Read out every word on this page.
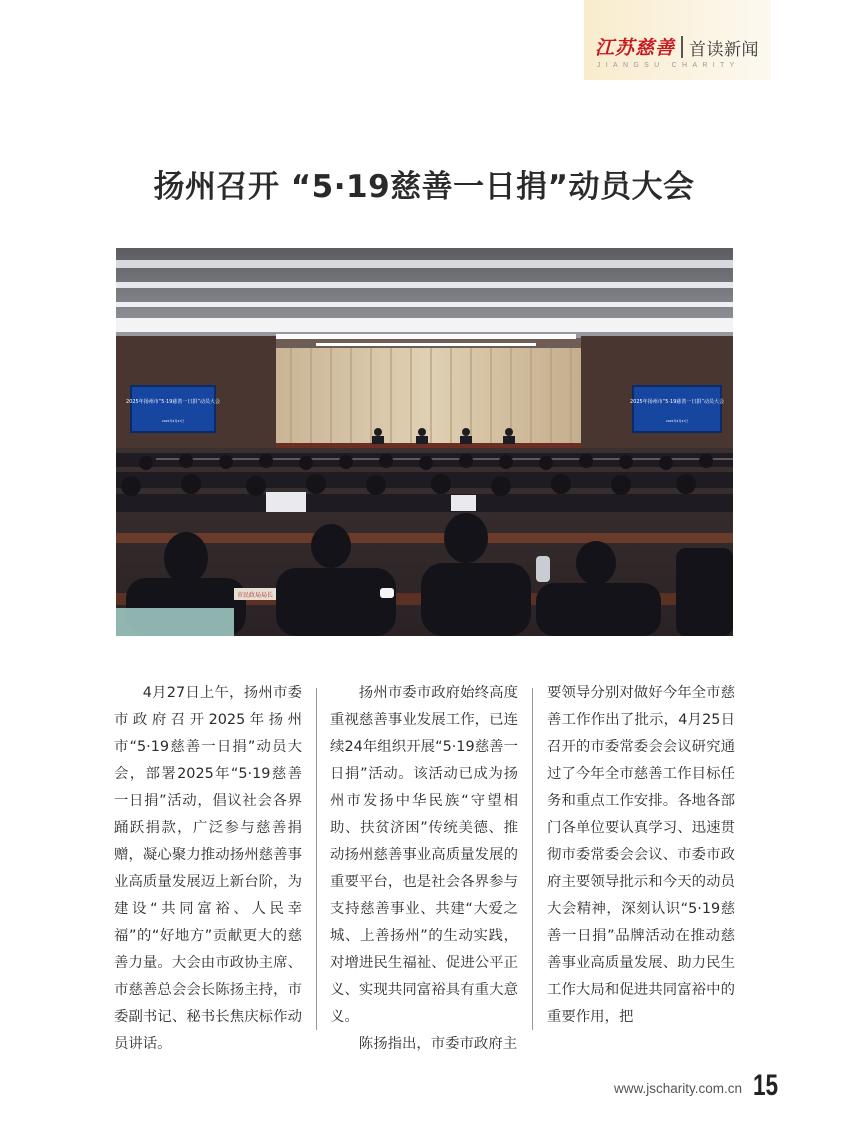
江苏慈善 首读新闻
JIANGSU CHARITY
扬州召开 “5·19慈善一日捐”动员大会
2025年扬州市“5·19慈善一日捐”动员大会
2025年4月27日
2025年扬州市“5·19慈善一日捐”动员大会
2025年4月27日
市民政局局长

4月27日上午，扬州市委市政府召开2025年扬州市“5·19慈善一日捐”动员大会，部署2025年“5·19慈善一日捐”活动，倡议社会各界踊跃捐款，广泛参与慈善捐赠，凝心聚力推动扬州慈善事业高质量发展迈上新台阶，为建设“共同富裕、人民幸福”的“好地方”贡献更大的慈善力量。大会由市政协主席、市慈善总会会长陈扬主持，市委副书记、秘书长焦庆标作动员讲话。

扬州市委市政府始终高度重视慈善事业发展工作，已连续24年组织开展“5·19慈善一日捐”活动。该活动已成为扬州市发扬中华民族“守望相助、扶贫济困”传统美德、推动扬州慈善事业高质量发展的重要平台，也是社会各界参与支持慈善事业、共建“大爱之城、上善扬州”的生动实践，对增进民生福祉、促进公平正义、实现共同富裕具有重大意义。

陈扬指出，市委市政府主

要领导分别对做好今年全市慈善工作作出了批示，4月25日召开的市委常委会会议研究通过了今年全市慈善工作目标任务和重点工作安排。各地各部门各单位要认真学习、迅速贯彻市委常委会会议、市委市政府主要领导批示和今天的动员大会精神，深刻认识“5·19慈善一日捐”品牌活动在推动慈善事业高质量发展、助力民生工作大局和促进共同富裕中的重要作用，把

www.jscharity.com.cn 15
